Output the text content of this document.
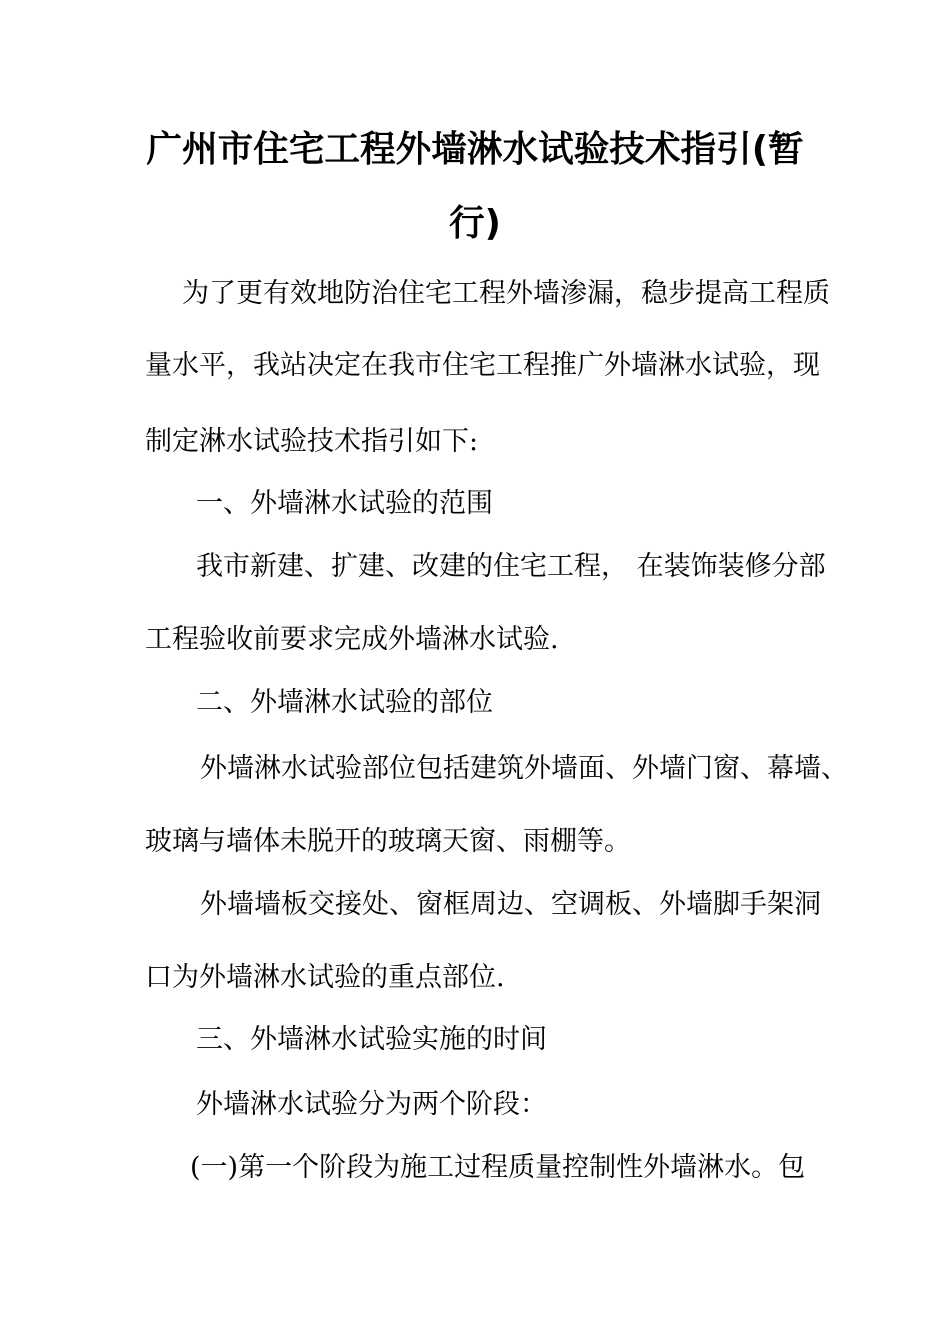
广州市住宅工程外墙淋水试验技术指引(暂
行)
为了更有效地防治住宅工程外墙渗漏，稳步提高工程质
量水平，我站决定在我市住宅工程推广外墙淋水试验，现
制定淋水试验技术指引如下:
一、外墙淋水试验的范围
我市新建、扩建、改建的住宅工程， 在装饰装修分部
工程验收前要求完成外墙淋水试验.
二、外墙淋水试验的部位
外墙淋水试验部位包括建筑外墙面、外墙门窗、幕墙、
玻璃与墙体未脱开的玻璃天窗、雨棚等。
外墙墙板交接处、窗框周边、空调板、外墙脚手架洞
口为外墙淋水试验的重点部位.
三、外墙淋水试验实施的时间
外墙淋水试验分为两个阶段：
(一)第一个阶段为施工过程质量控制性外墙淋水。包
